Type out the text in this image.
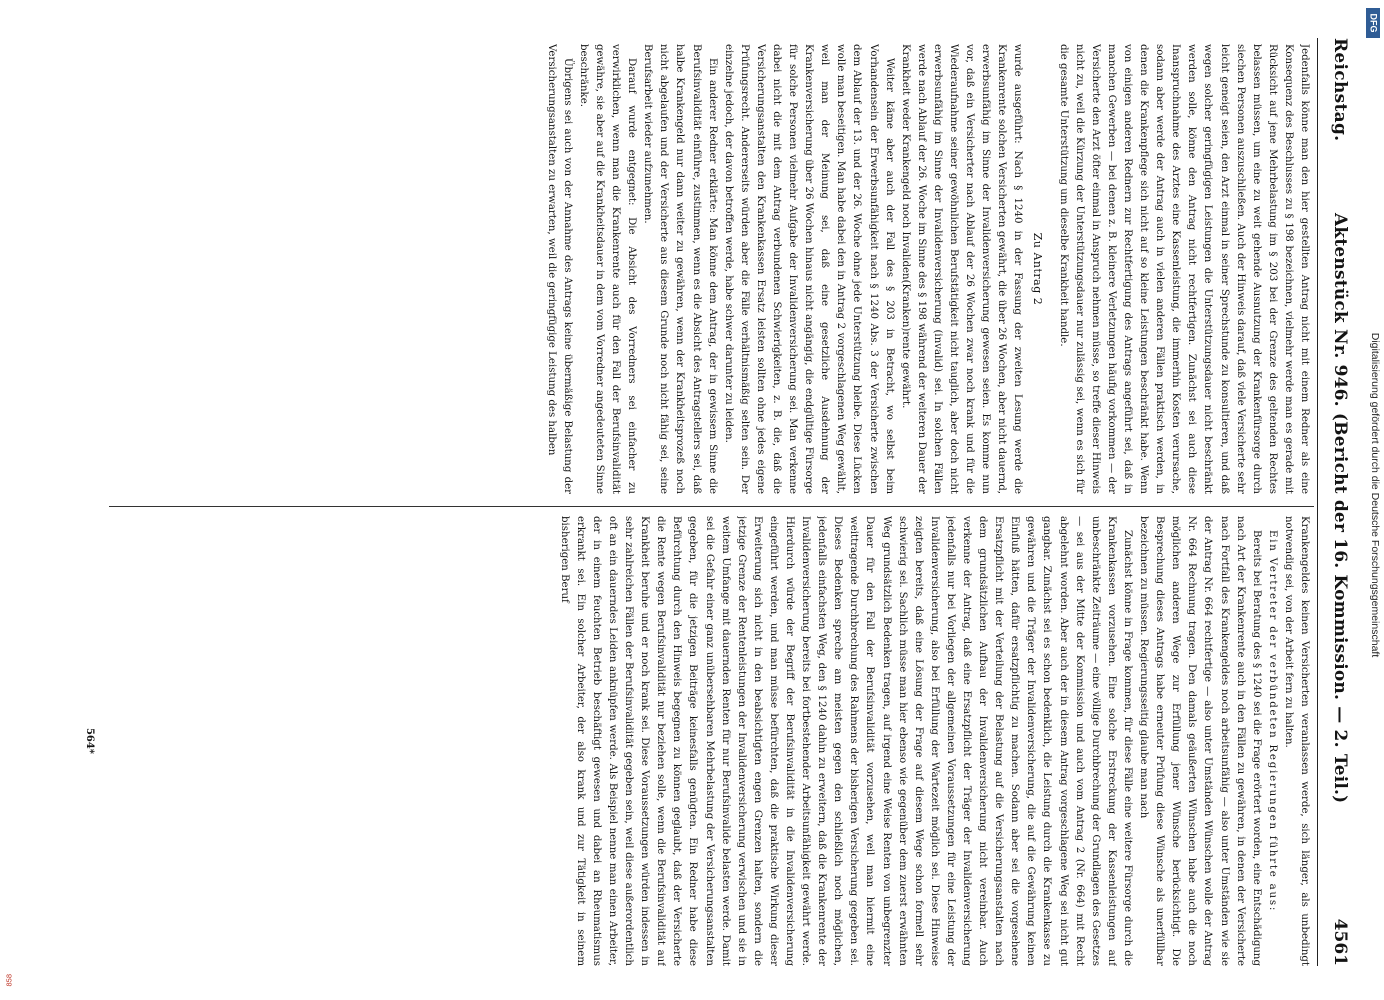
Reichstag.
Aktenstück Nr. 946. (Bericht der 16. Kommission. — 2. Teil.)
4561

Jedenfalls könne man den hier gestellten Antrag nicht mit einem Redner als eine Konsequenz des Beschlusses zu § 198 bezeichnen, vielmehr werde man es gerade mit Rücksicht auf jene Mehrbelastung im § 203 bei der Grenze des geltenden Rechtes belassen müssen, um eine zu weit gehende Ausnutzung der Krankenfürsorge durch siechen Personen auszuschließen. Auch der Hinweis darauf, daß viele Versicherte sehr leicht geneigt seien, den Arzt einmal in seiner Sprechstunde zu konsultieren, und daß wegen solcher geringfügigen Leistungen die Unterstützungsdauer nicht beschränkt werden solle, könne den Antrag nicht rechtfertigen. Zunächst sei auch diese Inanspruchnahme des Arztes eine Kassenleistung, die immerhin Kosten verursache, sodann aber werde der Antrag auch in vielen anderen Fällen praktisch werden, in denen die Krankenpflege sich nicht auf so kleine Leistungen beschränkt habe. Wenn von einigen anderen Rednern zur Rechtfertigung des Antrags angeführt sei, daß in manchen Gewerben — bei denen z. B. kleinere Verletzungen häufig vorkommen — der Versicherte den Arzt öfter einmal in Anspruch nehmen müsse, so treffe dieser Hinweis nicht zu, weil die Kürzung der Unterstützungsdauer nur zulässig sei, wenn es sich für die gesamte Unterstützung um dieselbe Krankheit handle.

Zu Antrag 2

wurde ausgeführt: Nach § 1240 in der Fassung der zweiten Lesung werde die Krankenrente solchen Versicherten gewährt, die über 26 Wochen, aber nicht dauernd, erwerbsunfähig im Sinne der Invalidenversicherung gewesen seien. Es komme nun vor, daß ein Versicherter nach Ablauf der 26 Wochen zwar noch krank und für die Wiederaufnahme seiner gewöhnlichen Berufstätigkeit nicht tauglich, aber doch nicht erwerbsunfähig im Sinne der Invalidenversicherung (invalid) sei. In solchen Fällen werde nach Ablauf der 26. Woche im Sinne des § 198 während der weiteren Dauer der Krankheit weder Krankengeld noch Invaliden(Kranken)rente gewährt.

Weiter käme aber auch der Fall des § 203 in Betracht, wo selbst beim Vorhandensein der Erwerbsunfähigkeit nach § 1240 Abs. 3 der Versicherte zwischen dem Ablauf der 13. und der 26. Woche ohne jede Unterstützung bleibe. Diese Lücken wolle man beseitigen. Man habe dabei den in Antrag 2 vorgeschlagenen Weg gewählt, weil man der Meinung sei, daß eine gesetzliche Ausdehnung der Krankenversicherung über 26 Wochen hinaus nicht angängig, die endgültige Fürsorge für solche Personen vielmehr Aufgabe der Invalidenversicherung sei. Man verkenne dabei nicht die mit dem Antrag verbundenen Schwierigkeiten, z. B. die, daß die Versicherungsanstalten den Krankenkassen Ersatz leisten sollten ohne jedes eigene Prüfungsrecht. Andererseits würden aber die Fälle verhältnismäßig selten sein. Der einzelne jedoch, der davon betroffen werde, habe schwer darunter zu leiden.

Ein anderer Redner erklärte: Man könne dem Antrag, der in gewissem Sinne die Berufsinvalidität einführe, zustimmen, wenn es die Absicht des Antragstellers sei, daß halbe Krankengeld nur dann weiter zu gewähren, wenn der Krankheitsprozeß noch nicht abgelaufen und der Versicherte aus diesem Grunde noch nicht fähig sei, seine Berufsarbeit wieder aufzunehmen.

Darauf wurde entgegnet: Die Absicht des Vorredners sei einfacher zu verwirklichen, wenn man die Krankenrente auch für den Fall der Berufsinvalidität gewähre, sie aber auf die Krankheitsdauer in dem vom Vorredner angedeuteten Sinne beschränke.

Übrigens sei auch von der Annahme des Antrags keine übermäßige Belastung der Versicherungsanstalten zu erwarten, weil die geringfügige Leistung des halben

Krankengeldes keinen Versicherten veranlassen werde, sich länger, als unbedingt notwendig sei, von der Arbeit fern zu halten.

Ein Vertreter der verbündeten Regierungen führte aus:

Bereits bei Beratung des § 1240 sei die Frage erörtert worden, eine Entschädigung nach Art der Krankenrente auch in den Fällen zu gewähren, in denen der Versicherte nach Fortfall des Krankengeldes noch arbeitsunfähig — also unter Umständen wie sie der Antrag Nr. 664 rechtfertige — also unter Umständen Wünschen wolle der Antrag Nr. 664 Rechnung tragen. Den damals geäußerten Wünschen habe auch die noch möglichen anderen Wege zur Erfüllung jener Wünsche berücksichtigt. Die Besprechung dieses Antrags habe erneuter Prüfung diese Wünsche als unerfüllbar bezeichnen zu müssen. Regierungsseitig glaube man nach

Zunächst könne in Frage kommen, für diese Fälle eine weitere Fürsorge durch die Krankenkassen vorzusehen. Eine solche Erstreckung der Kassenleistungen auf unbeschränkte Zeiträume — eine völlige Durchbrechung der Grundlagen des Gesetzes — sei aus der Mitte der Kommission und auch vom Antrag 2 (Nr. 664) mit Recht abgelehnt worden. Aber auch der in diesem Antrag vorgeschlagene Weg sei nicht gut gangbar. Zunächst sei es schon bedenklich, die Leistung durch die Krankenkasse zu gewähren und die Träger der Invalidenversicherung, die auf die Gewährung keinen Einfluß hätten, dafür ersatzpflichtig zu machen. Sodann aber sei die vorgesehene Ersatzpflicht mit der Verteilung der Belastung auf die Versicherungsanstalten nach dem grundsätzlichen Aufbau der Invalidenversicherung nicht vereinbar. Auch verkenne der Antrag, daß eine Ersatzpflicht der Träger der Invalidenversicherung jedenfalls nur bei Vorliegen der allgemeinen Voraussetzungen für eine Leistung der Invalidenversicherung, also bei Erfüllung der Wartezeit möglich sei. Diese Hinweise zeigten bereits, daß eine Lösung der Frage auf diesem Wege schon formell sehr schwierig sei. Sachlich müsse man hier ebenso wie gegenüber dem zuerst erwähnten Weg grundsätzlich Bedenken tragen, auf irgend eine Weise Renten von unbegrenzter Dauer für den Fall der Berufsinvalidität vorzusehen, weil man hiermit eine weittragende Durchbrechung des Rahmens der bisherigen Versicherung gegeben sei. Dieses Bedenken spreche am meisten gegen den schließlich noch möglichen, jedenfalls einfachsten Weg, den § 1240 dahin zu erweitern, daß die Krankenrente der Invalidenversicherung bereits bei fortbestehender Arbeitsunfähigkeit gewährt werde. Hierdurch würde der Begriff der Berufsinvalidität in die Invalidenversicherung eingeführt werden, und man müsse befürchten, daß die praktische Wirkung dieser Erweiterung sich nicht in den beabsichtigten engen Grenzen halten, sondern die jetzige Grenze der Rentenleistungen der Invalidenversicherung verwischen und sie in weitem Umfange mit dauernden Renten für nur Berufsinvalide belasten werde. Damit sei die Gefahr einer ganz unübersehbaren Mehrbelastung der Versicherungsanstalten gegeben, für die jetzigen Beiträge keinesfalls genügten. Ein Redner habe diese Befürchtung durch den Hinweis begegnen zu können geglaubt, daß der Versicherte die Rente wegen Berufsinvalidität nur beziehen solle, wenn die Berufsinvalidität auf Krankheit beruhe und er noch krank sei. Diese Voraussetzungen würden indessen in sehr zahlreichen Fällen der Berufsinvalidität gegeben sein, weil diese außerordentlich oft an ein dauerndes Leiden anknüpfen werde. Als Beispiel nenne man einen Arbeiter, der in einem feuchten Betrieb beschäftigt gewesen und dabei an Rheumatismus erkrankt sei. Ein solcher Arbeiter, der also krank und zur Tätigkeit in seinem bisherigen Beruf

564*
DFG
Digitalisierung gefördert durch die Deutsche Forschungsgemeinschaft
858
